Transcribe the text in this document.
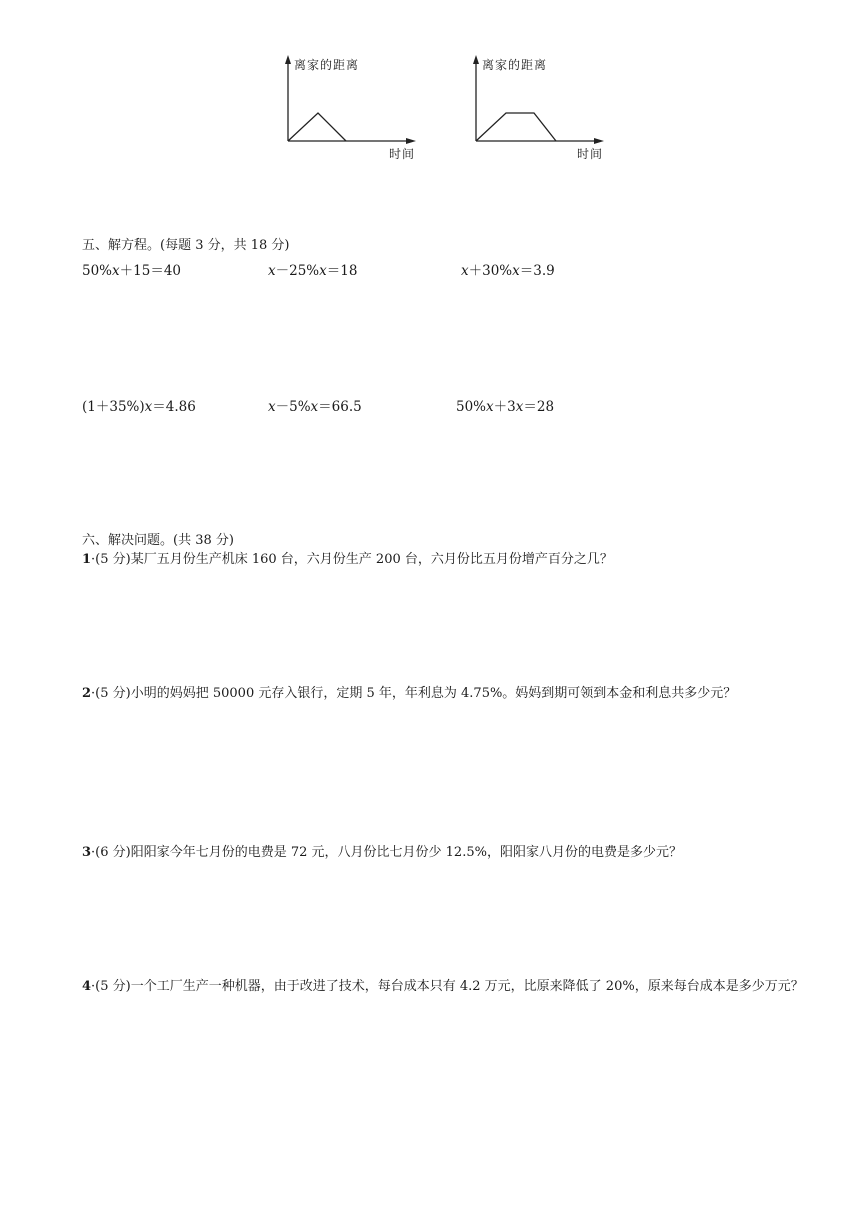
离家的距离
时间
离家的距离
时间
五、解方程。(每题 3 分，共 18 分)
50%x＋15＝40	x－25%x＝18	x＋30%x＝3.9
(1＋35%)x＝4.86	x－5%x＝66.5	50%x＋3x＝28
六、解决问题。(共 38 分)
1·(5 分)某厂五月份生产机床 160 台，六月份生产 200 台，六月份比五月份增产百分之几？
2·(5 分)小明的妈妈把 50000 元存入银行，定期 5 年，年利息为 4.75%。妈妈到期可领到本金和利息共多少元？
3·(6 分)阳阳家今年七月份的电费是 72 元，八月份比七月份少 12.5%，阳阳家八月份的电费是多少元？
4·(5 分)一个工厂生产一种机器，由于改进了技术，每台成本只有 4.2 万元，比原来降低了 20%，原来每台成本是多少万元？
